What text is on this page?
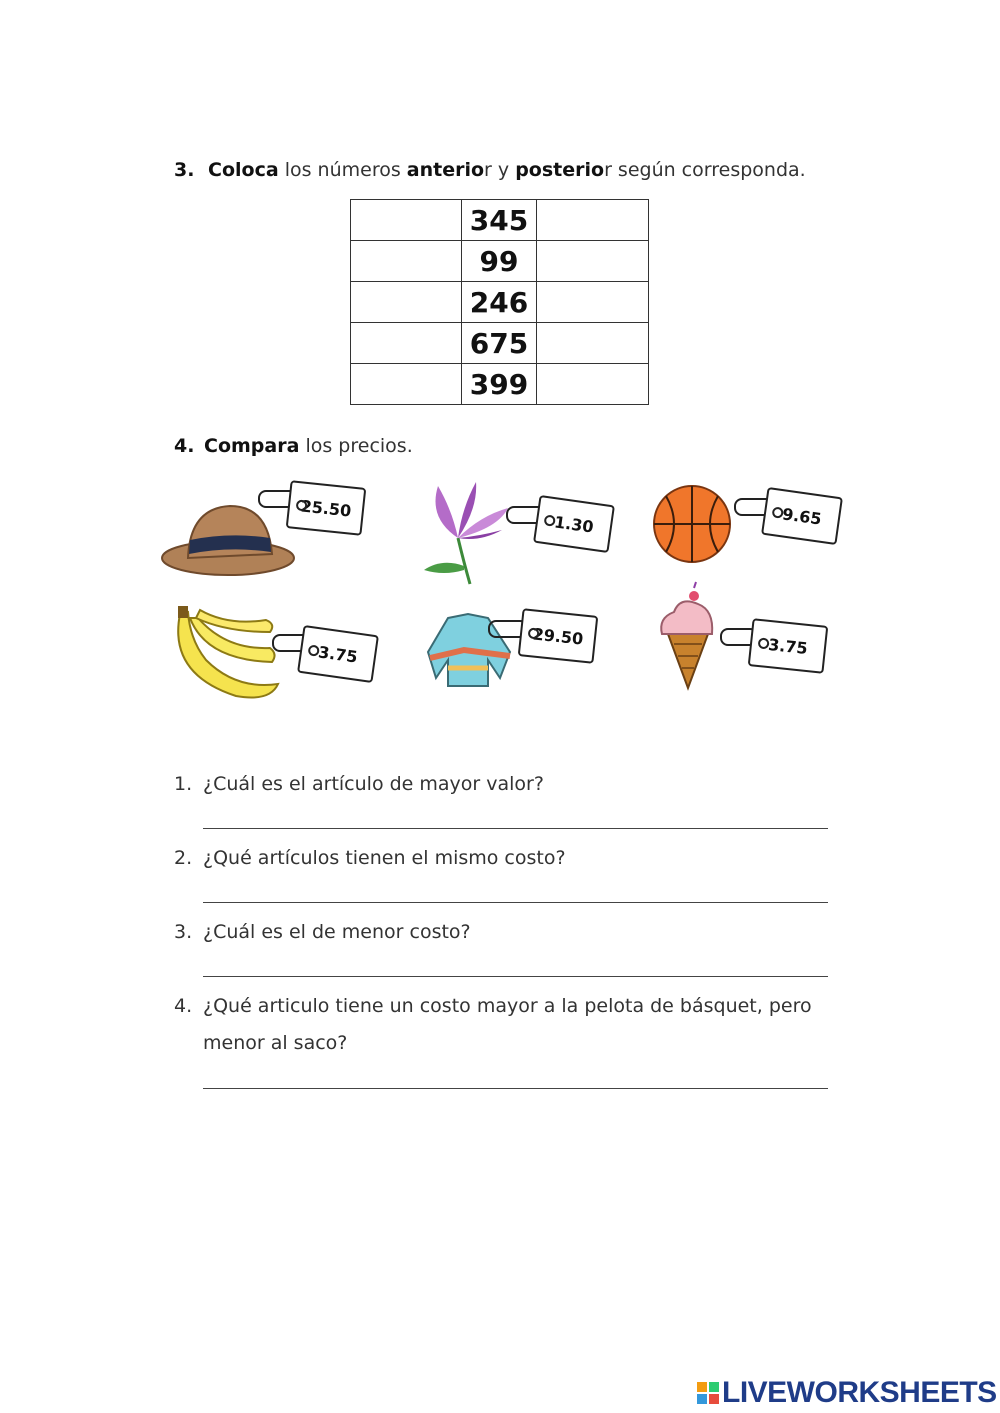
3. Coloca los números anterior y posterior según corresponda.
	345	
	99	
	246	
	675	
	399	
4. Compara los precios.
25.50
1.30	9.65
3.75
29.50	3.75
1. ¿Cuál es el artículo de mayor valor?
2. ¿Qué artículos tienen el mismo costo?
3. ¿Cuál es el de menor costo?
4. ¿Qué articulo tiene un costo mayor a la pelota de básquet, pero menor al saco?
LIVEWORKSHEETS
